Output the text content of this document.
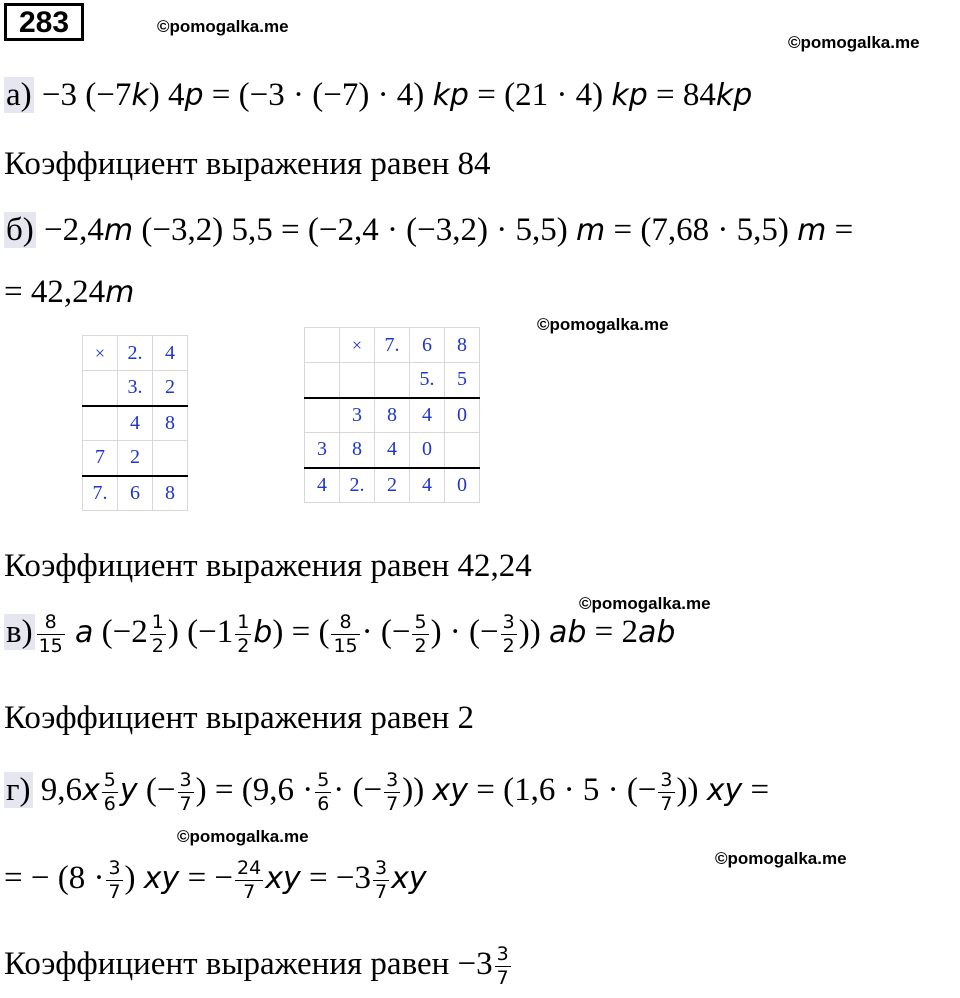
283	©pomogalka.me
©pomogalka.me
©pomogalka.me
©pomogalka.me
©pomogalka.me
©pomogalka.me
а) −3 (−7k) 4p = (−3 · (−7) · 4) kp = (21 · 4) kp = 84kp
Коэффициент выражения равен 84
б) −2,4m (−3,2) 5,5 = (−2,4 · (−3,2) · 5,5) m = (7,68 · 5,5) m =
= 42,24m
×	2.	4
	3.	2
	4	8
7	2	
7.	6	8
	×	7.	6	8
			5.	5
	3	8	4	0
3	8	4	0	
4	2.	2	4	0
Коэффициент выражения равен 42,24
$в) \frac{8}{15}$ a ($-2 \frac{1}{2}$ ) $(-1 \frac{1}{2} b)$ = ( $\frac{8}{15}$ · (− $\frac{5}{2}$ ) · (− $\frac{3}{2}$ )) ab = 2ab
Коэффициент выражения равен 2
г) $9,6x \frac{5}{6}$ y (− $\frac{3}{7}$ ) = ($9,6 \cdot \frac{5}{6}$ · (− $\frac{3}{7}$ )) xy = (1,6 · 5 · (− $\frac{3}{7}$ )) xy =
= − ($8 \cdot \frac{3}{7}$ ) xy = − $\frac{24}{7}$ xy = $-3 \frac{3}{7}$ xy
Коэффициент выражения равен $-3 \frac{3}{7}$
